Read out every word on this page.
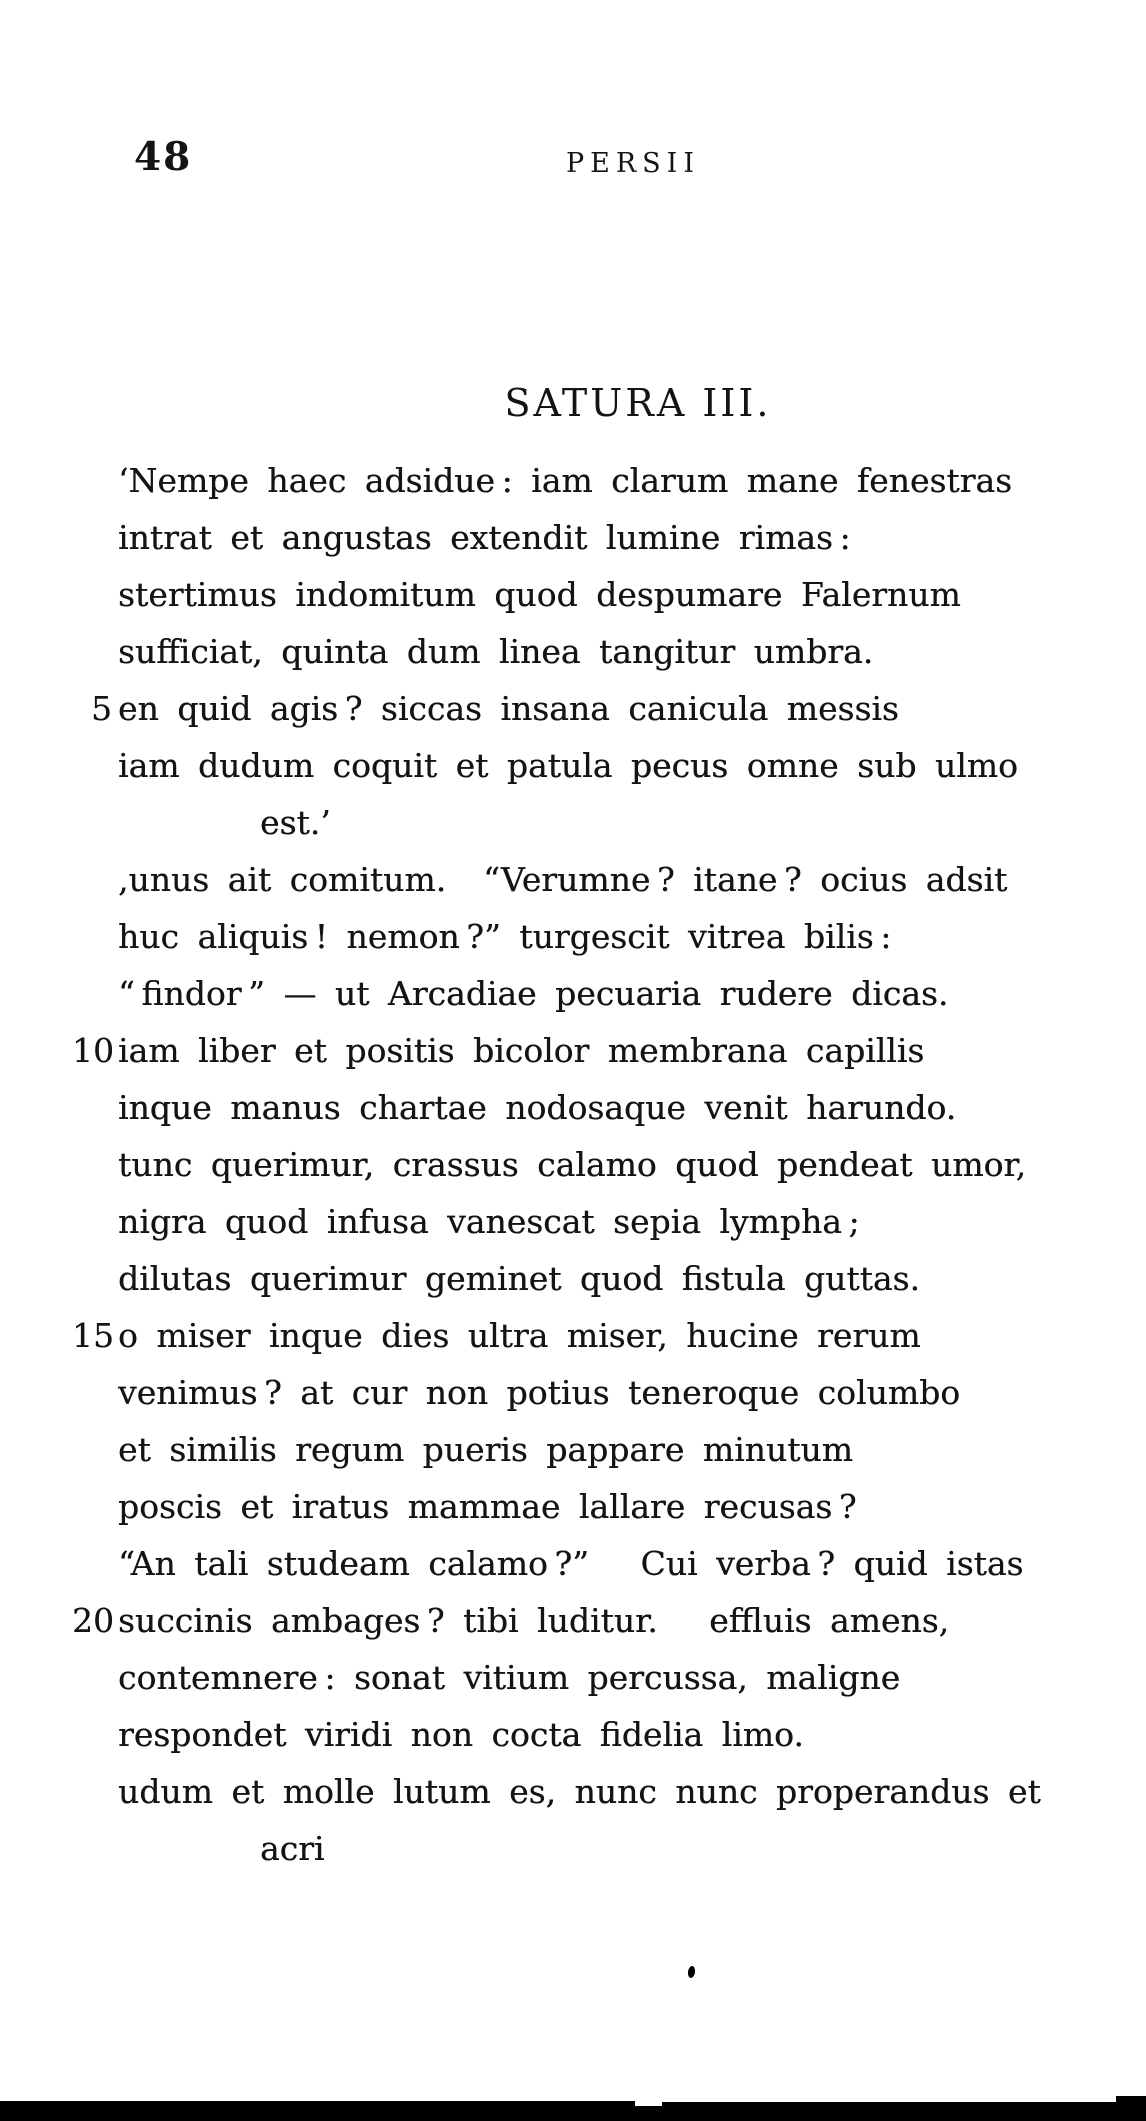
48	PERSII
SATURA III.
‘Nempe haec adsidue : iam clarum mane fenestras
intrat et angustas extendit lumine rimas :
stertimus indomitum quod despumare Falernum
sufficiat, quinta dum linea tangitur umbra.
5 en quid agis ? siccas insana canicula messis
iam dudum coquit et patula pecus omne sub ulmo
est.’
,unus ait comitum.  “Verumne ? itane ? ocius adsit
huc aliquis ! nemon ?” turgescit vitrea bilis :
“ findor ” — ut Arcadiae pecuaria rudere dicas.
10 iam liber et positis bicolor membrana capillis
inque manus chartae nodosaque venit harundo.
tunc querimur, crassus calamo quod pendeat umor,
nigra quod infusa vanescat sepia lympha ;
dilutas querimur geminet quod fistula guttas.
15 o miser inque dies ultra miser, hucine rerum
venimus ? at cur non potius teneroque columbo
et similis regum pueris pappare minutum
poscis et iratus mammae lallare recusas ?
“An tali studeam calamo ?”  Cui verba ? quid istas
20 succinis ambages ? tibi luditur.  effluis amens,
contemnere : sonat vitium percussa, maligne
respondet viridi non cocta fidelia limo.
udum et molle lutum es, nunc nunc properandus et
acri
